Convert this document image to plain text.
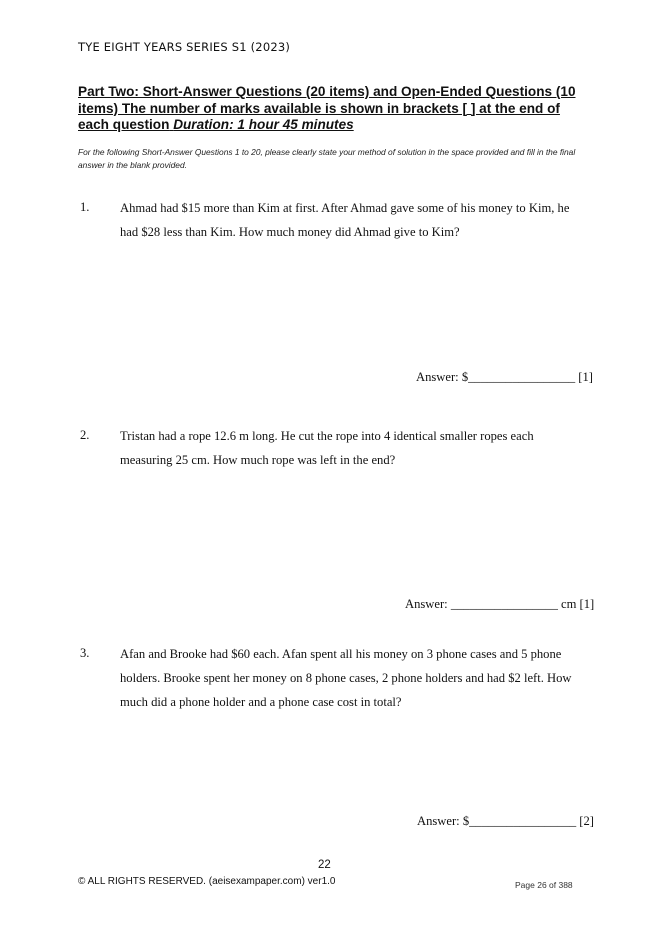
TYE EIGHT YEARS SERIES S1 (2023)
Part Two: Short-Answer Questions (20 items) and Open-Ended Questions (10 items) The number of marks available is shown in brackets [ ] at the end of each question Duration: 1 hour 45 minutes
For the following Short-Answer Questions 1 to 20, please clearly state your method of solution in the space provided and fill in the final answer in the blank provided.
1. Ahmad had $15 more than Kim at first. After Ahmad gave some of his money to Kim, he had $28 less than Kim. How much money did Ahmad give to Kim?
Answer: $_________________ [1]
2. Tristan had a rope 12.6 m long. He cut the rope into 4 identical smaller ropes each measuring 25 cm. How much rope was left in the end?
Answer: _________________ cm [1]
3. Afan and Brooke had $60 each. Afan spent all his money on 3 phone cases and 5 phone holders. Brooke spent her money on 8 phone cases, 2 phone holders and had $2 left. How much did a phone holder and a phone case cost in total?
Answer: $_________________ [2]
22
© ALL RIGHTS RESERVED. (aeisexampaper.com) ver1.0	Page 26 of 388
